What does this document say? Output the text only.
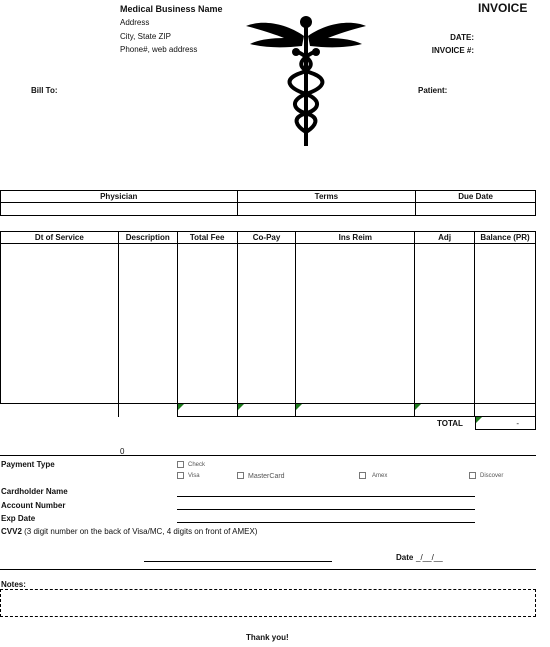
Medical Business Name
Address
City, State ZIP
Phone#, web address
INVOICE
DATE:
INVOICE #:
Bill To:	Patient:
Physician	Terms	Due Date

Dt of Service	Description	Total Fee	Co-Pay	Ins Reim	Adj	Balance (PR)

TOTAL	-
0
Payment Type	Check
Visa	MasterCard	Amex	Discover
Cardholder Name
Account Number
Exp Date
CVV2 (3 digit number on the back of Visa/MC, 4 digits on front of AMEX)
Date _/__/__
Notes:
Thank you!
